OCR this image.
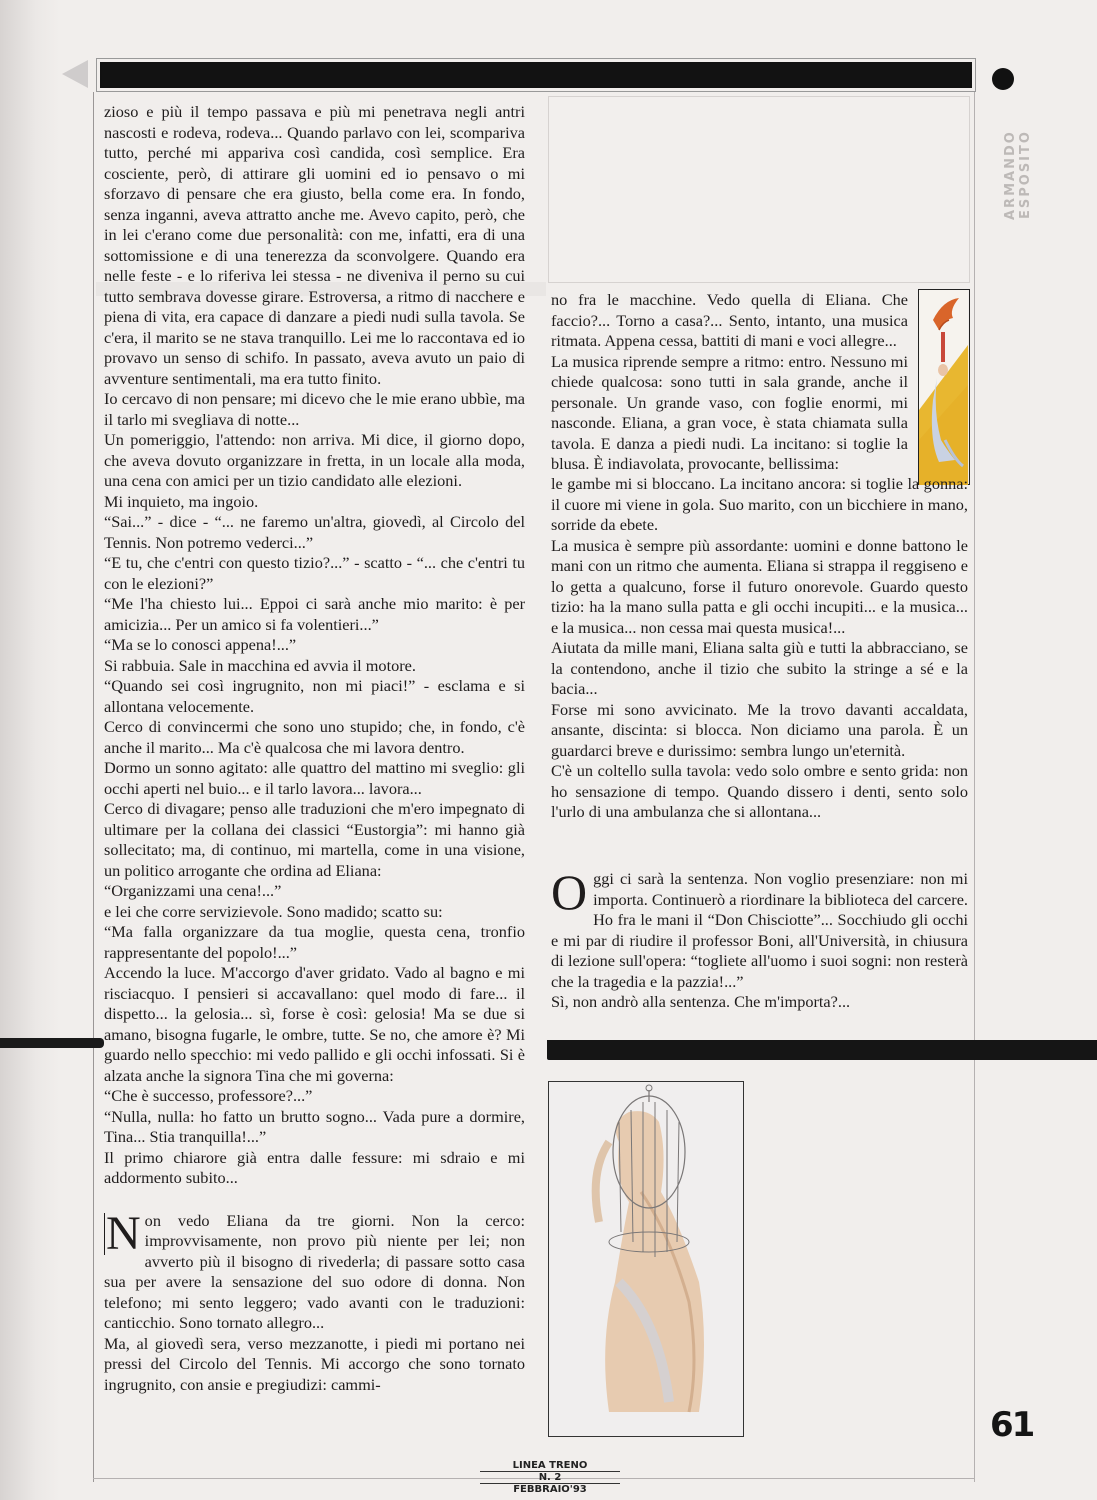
ARMANDO ESPOSITO

zioso e più il tempo passava e più mi penetrava negli antri nascosti e rodeva, rodeva... Quando parlavo con lei, scompariva tutto, perché mi appariva così candida, così semplice. Era cosciente, però, di attirare gli uomini ed io pensavo o mi sforzavo di pensare che era giusto, bella come era. In fondo, senza inganni, aveva attratto anche me. Avevo capito, però, che in lei c'erano come due personalità: con me, infatti, era di una sottomissione e di una tenerezza da sconvolgere. Quando era nelle feste - e lo riferiva lei stessa - ne diveniva il perno su cui tutto sembrava dovesse girare. Estroversa, a ritmo di nacchere e piena di vita, era capace di danzare a piedi nudi sulla tavola. Se c'era, il marito se ne stava tranquillo. Lei me lo raccontava ed io provavo un senso di schifo. In passato, aveva avuto un paio di avventure sentimentali, ma era tutto finito.

Io cercavo di non pensare; mi dicevo che le mie erano ubbìe, ma il tarlo mi svegliava di notte...

Un pomeriggio, l'attendo: non arriva. Mi dice, il giorno dopo, che aveva dovuto organizzare in fretta, in un locale alla moda, una cena con amici per un tizio candidato alle elezioni.

Mi inquieto, ma ingoio.

“Sai...” - dice - “... ne faremo un'altra, giovedì, al Circolo del Tennis. Non potremo vederci...”

“E tu, che c'entri con questo tizio?...” - scatto - “... che c'entri tu con le elezioni?”

“Me l'ha chiesto lui... Eppoi ci sarà anche mio marito: è per amicizia... Per un amico si fa volentieri...”

“Ma se lo conosci appena!...”

Si rabbuia. Sale in macchina ed avvia il motore.

“Quando sei così ingrugnito, non mi piaci!” - esclama e si allontana velocemente.

Cerco di convincermi che sono uno stupido; che, in fondo, c'è anche il marito... Ma c'è qualcosa che mi lavora dentro.

Dormo un sonno agitato: alle quattro del mattino mi sveglio: gli occhi aperti nel buio... e il tarlo lavora... lavora...

Cerco di divagare; penso alle traduzioni che m'ero impegnato di ultimare per la collana dei classici “Eustorgia”: mi hanno già sollecitato; ma, di continuo, mi martella, come in una visione, un politico arrogante che ordina ad Eliana:

“Organizzami una cena!...”

e lei che corre servizievole. Sono madido; scatto su:

“Ma falla organizzare da tua moglie, questa cena, tronfio rappresentante del popolo!...”

Accendo la luce. M'accorgo d'aver gridato. Vado al bagno e mi risciacquo. I pensieri si accavallano: quel modo di fare... il dispetto... la gelosia... sì, forse è così: gelosia! Ma se due si amano, bisogna fugarle, le ombre, tutte. Se no, che amore è? Mi guardo nello specchio: mi vedo pallido e gli occhi infossati. Si è alzata anche la signora Tina che mi governa:

“Che è successo, professore?...”

“Nulla, nulla: ho fatto un brutto sogno... Vada pure a dormire, Tina... Stia tranquilla!...”

Il primo chiarore già entra dalle fessure: mi sdraio e mi addormento subito...

N on vedo Eliana da tre giorni. Non la cerco: improvvisamente, non provo più niente per lei; non avverto più il bisogno di rivederla; di passare sotto casa sua per avere la sensazione del suo odore di donna. Non telefono; mi sento leggero; vado avanti con le traduzioni: canticchio. Sono tornato allegro...

Ma, al giovedì sera, verso mezzanotte, i piedi mi portano nei pressi del Circolo del Tennis. Mi accorgo che sono tornato ingrugnito, con ansie e pregiudizi: cammi-

no fra le macchine. Vedo quella di Eliana. Che faccio?... Torno a casa?... Sento, intanto, una musica ritmata. Appena cessa, battiti di mani e voci allegre...

La musica riprende sempre a ritmo: entro. Nessuno mi chiede qualcosa: sono tutti in sala grande, anche il personale. Un grande vaso, con foglie enormi, mi nasconde. Eliana, a gran voce, è stata chiamata sulla tavola. E danza a piedi nudi. La incitano: si toglie la blusa. È indiavolata, provocante, bellissima:

le gambe mi si bloccano. La incitano ancora: si toglie la gonna: il cuore mi viene in gola. Suo marito, con un bicchiere in mano, sorride da ebete.

La musica è sempre più assordante: uomini e donne battono le mani con un ritmo che aumenta. Eliana si strappa il reggiseno e lo getta a qualcuno, forse il futuro onorevole. Guardo questo tizio: ha la mano sulla patta e gli occhi incupiti... e la musica... e la musica... non cessa mai questa musica!...

Aiutata da mille mani, Eliana salta giù e tutti la abbracciano, se la contendono, anche il tizio che subito la stringe a sé e la bacia...

Forse mi sono avvicinato. Me la trovo davanti accaldata, ansante, discinta: si blocca. Non diciamo una parola. È un guardarci breve e durissimo: sembra lungo un'eternità.

C'è un coltello sulla tavola: vedo solo ombre e sento grida: non ho sensazione di tempo. Quando dissero i denti, sento solo l'urlo di una ambulanza che si allontana...

Oggi ci sarà la sentenza. Non voglio presenziare: non mi importa. Continuerò a riordinare la biblioteca del carcere. Ho fra le mani il “Don Chisciotte”... Socchiudo gli occhi e mi par di riudire il professor Boni, all'Università, in chiusura di lezione sull'opera: “togliete all'uomo i suoi sogni: non resterà che la tragedia e la pazzia!...”

Sì, non andrò alla sentenza. Che m'importa?...

61
LINEA TRENO
N. 2
FEBBRAIO'93
